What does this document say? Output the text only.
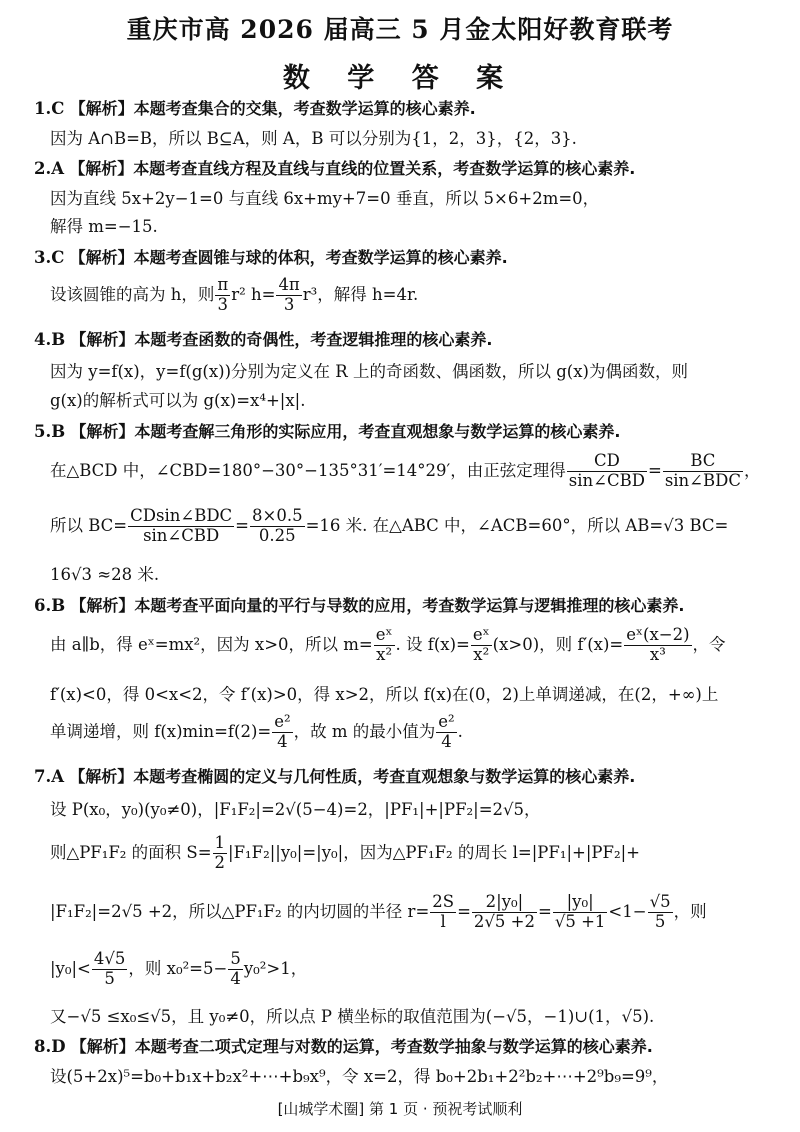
重庆市高 2026 届高三 5 月金太阳好教育联考
数 学 答 案
1.C 【解析】本题考查集合的交集，考查数学运算的核心素养.
因为 A∩B=B，所以 B⊆A，则 A，B 可以分别为{1，2，3}，{2，3}.
2.A 【解析】本题考查直线方程及直线与直线的位置关系，考查数学运算的核心素养.
因为直线 5x+2y−1=0 与直线 6x+my+7=0 垂直，所以 5×6+2m=0，
解得 m=−15.
3.C 【解析】本题考查圆锥与球的体积，考查数学运算的核心素养.
设该圆锥的高为 h，则 $\frac{\pi}{3} r^2$ $h= \frac{4\pi}{3} r^3$，解得 h=4r.
4.B 【解析】本题考查函数的奇偶性，考查逻辑推理的核心素养.
因为 y=f(x)，y=f(g(x))分别为定义在 R 上的奇函数、偶函数，所以 g(x)为偶函数，则
g(x)的解析式可以为 g(x)=x⁴+|x|.
5.B 【解析】本题考查解三角形的实际应用，考查直观想象与数学运算的核心素养.
在△BCD 中，∠CBD=180°−30°−135°31′=14°29′，由正弦定理得 $\frac{CD}{\text{sin∠CBD}} = \frac{BC}{\text{sin∠BDC}}$ ，
所以 $BC= \frac{\text{CDsin∠BDC}}{\text{sin∠CBD}} = \frac{8\times 0.5}{0.25} =16$ 米. 在△ABC 中，∠ACB=60°，所以 AB=√3 BC=
16√3 ≈28 米.
6.B 【解析】本题考查平面向量的平行与导数的应用，考查数学运算与逻辑推理的核心素养.
由 a∥b，得 eˣ=mx²，因为 x>0，所以 $m= \frac{\text{eˣ}}{\text{x²}}$ . 设 $f(x)= \frac{\text{eˣ}}{\text{x²}} (x>0)$，则 $f'(x)= \frac{\text{eˣ(x−2)}}{\text{x³}}$ ，令
f′(x)<0，得 0<x<2，令 f′(x)>0，得 x>2，所以 f(x)在(0，2)上单调递减，在(2，+∞)上
单调递增，则 $f(x)\min=f(2)= \frac{\text{e²}}{4}$ ，故 m 的最小值为 $\frac{\text{e²}}{4}$ .
7.A 【解析】本题考查椭圆的定义与几何性质，考查直观想象与数学运算的核心素养.
设 P(x₀，y₀)(y₀≠0)，|F₁F₂|=2√(5−4)=2，|PF₁|+|PF₂|=2√5，
则△PF₁F₂ 的面积 $S= \frac{1}{2} |F_1F_2||y_0|=|y_0|$，因为△PF₁F₂ 的周长 l=|PF₁|+|PF₂|+
|F₁F₂|=2√5 +2，所以△PF₁F₂ 的内切圆的半径 $r= \frac{2S}{l} = \frac{\text{2|y₀|}}{2√5 +2} = \frac{\text{|y₀|}}{√5 +1} <1- \frac{√5}{5}$ ，则
$|y_0|< \frac{4√5}{5}$ ，则 $x_0^2=5- \frac{5}{4} y_0^2>1$，
又−√5 ≤x₀≤√5，且 y₀≠0，所以点 P 横坐标的取值范围为(−√5，−1)∪(1，√5).
8.D 【解析】本题考查二项式定理与对数的运算，考查数学抽象与数学运算的核心素养.
设(5+2x)⁵=b₀+b₁x+b₂x²+⋯+b₉x⁹，令 x=2，得 b₀+2b₁+2²b₂+⋯+2⁹b₉=9⁹，
[山城学术圈] 第 1 页 · 预祝考试顺利
